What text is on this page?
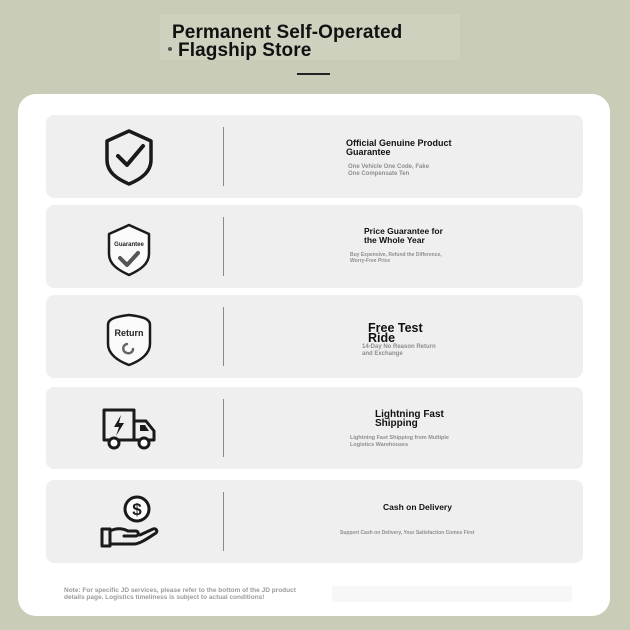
Permanent Self-Operated
Flagship Store
Official Genuine Product
Guarantee
One Vehicle One Code, Fake
One Compensate Ten
Guarantee
Price Guarantee for
the Whole Year
Buy Expensive, Refund the Difference,
Worry-Free Price
Return	Free Test
Ride
14-Day No Reason Return
and Exchange
Lightning Fast
Shipping
Lightning Fast Shipping from Multiple
Logistics Warehouses
$	Cash on Delivery
Support Cash on Delivery, Your Satisfaction Comes First
Note: For specific JD services, please refer to the bottom of the JD product
details page. Logistics timeliness is subject to actual conditions!
